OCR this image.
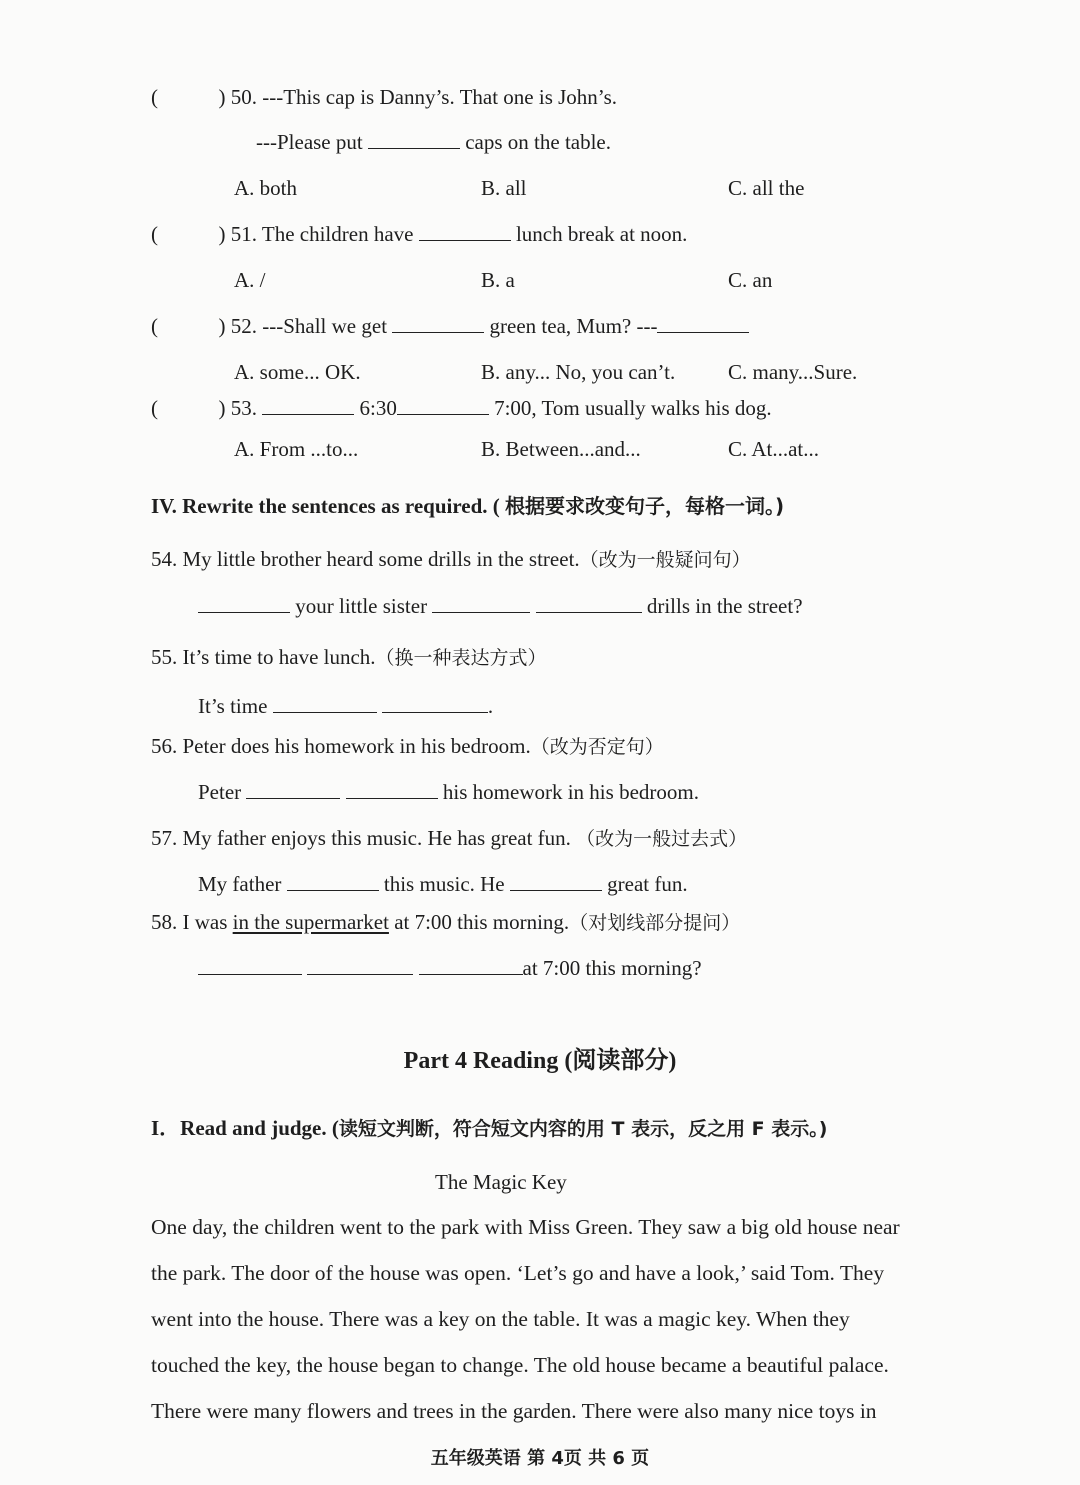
(	) 50. ---This cap is Danny’s. That one is John’s.
---Please put	caps on the table.
A. both	B. all	C. all the
(	) 51. The children have	lunch break at noon.
A. /	B. a	C. an
(	) 52. ---Shall we get	green tea, Mum? ---
A. some... OK.	B. any... No, you can’t.	C. many...Sure.
(	) 53.	6:30	7:00, Tom usually walks his dog.
A. From ...to...	B. Between...and...	C. At...at...
IV. Rewrite the sentences as required. ( 根据要求改变句子，每格一词。)
54. My little brother heard some drills in the street.（改为一般疑问句）
your little sister	drills in the street?
55. It’s time to have lunch.（换一种表达方式）
It’s time	.
56. Peter does his homework in his bedroom.（改为否定句）
Peter	his homework in his bedroom.
57. My father enjoys this music. He has great fun. （改为一般过去式）
My father	this music. He	great fun.
58. I was in the supermarket at 7:00 this morning.（对划线部分提问）
at 7:00 this morning?
Part 4 Reading (阅读部分)
I．Read and judge. (读短文判断，符合短文内容的用 T 表示，反之用 F 表示。)
The Magic Key
One day, the children went to the park with Miss Green. They saw a big old house near
the park. The door of the house was open. ‘Let’s go and have a look,’ said Tom. They
went into the house. There was a key on the table. It was a magic key. When they
touched the key, the house began to change. The old house became a beautiful palace.
There were many flowers and trees in the garden. There were also many nice toys in
五年级英语 第 4页 共 6 页
